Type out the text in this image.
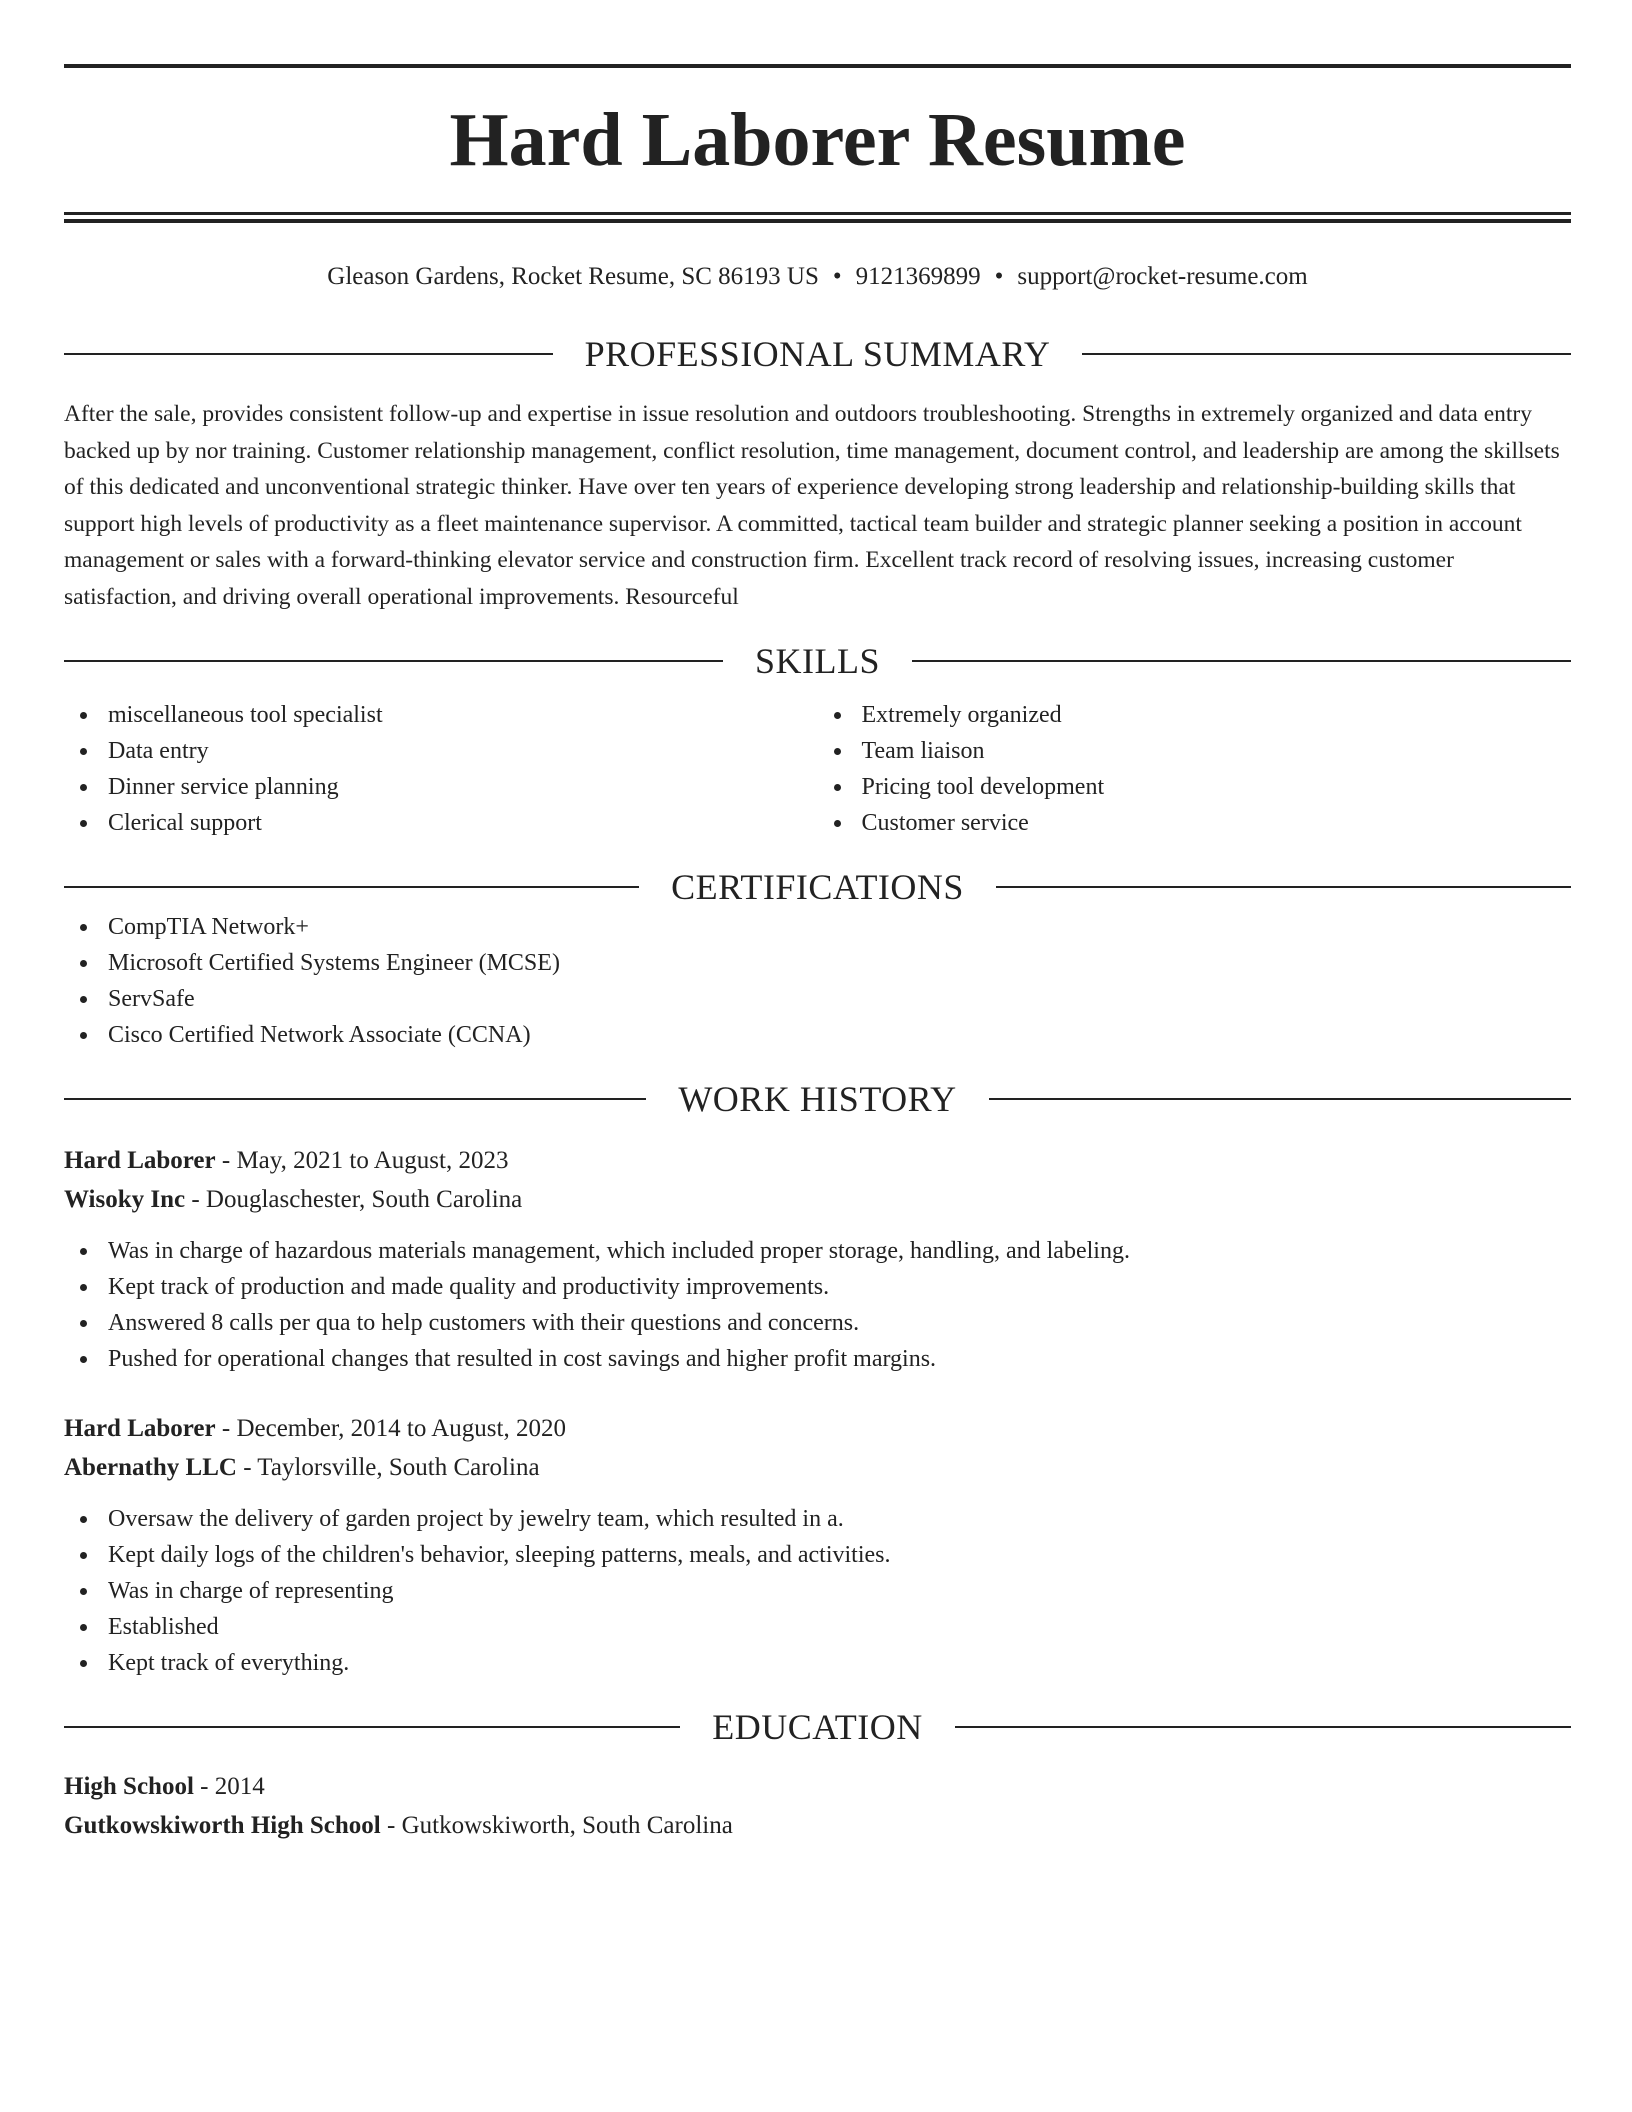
Hard Laborer Resume
Gleason Gardens, Rocket Resume, SC 86193 US • 9121369899 • support@rocket-resume.com
PROFESSIONAL SUMMARY

After the sale, provides consistent follow-up and expertise in issue resolution and outdoors troubleshooting. Strengths in extremely organized and data entry backed up by nor training. Customer relationship management, conflict resolution, time management, document control, and leadership are among the skillsets of this dedicated and unconventional strategic thinker. Have over ten years of experience developing strong leadership and relationship-building skills that support high levels of productivity as a fleet maintenance supervisor. A committed, tactical team builder and strategic planner seeking a position in account management or sales with a forward-thinking elevator service and construction firm. Excellent track record of resolving issues, increasing customer satisfaction, and driving overall operational improvements. Resourceful

SKILLS
miscellaneous tool specialist
Data entry
Dinner service planning
Clerical support
Extremely organized
Team liaison
Pricing tool development
Customer service
CERTIFICATIONS
CompTIA Network+
Microsoft Certified Systems Engineer (MCSE)
ServSafe
Cisco Certified Network Associate (CCNA)
WORK HISTORY
Hard Laborer - May, 2021 to August, 2023
Wisoky Inc - Douglaschester, South Carolina
Was in charge of hazardous materials management, which included proper storage, handling, and labeling.
Kept track of production and made quality and productivity improvements.
Answered 8 calls per qua to help customers with their questions and concerns.
Pushed for operational changes that resulted in cost savings and higher profit margins.
Hard Laborer - December, 2014 to August, 2020
Abernathy LLC - Taylorsville, South Carolina
Oversaw the delivery of garden project by jewelry team, which resulted in a.
Kept daily logs of the children's behavior, sleeping patterns, meals, and activities.
Was in charge of representing
Established
Kept track of everything.
EDUCATION
High School - 2014
Gutkowskiworth High School - Gutkowskiworth, South Carolina
